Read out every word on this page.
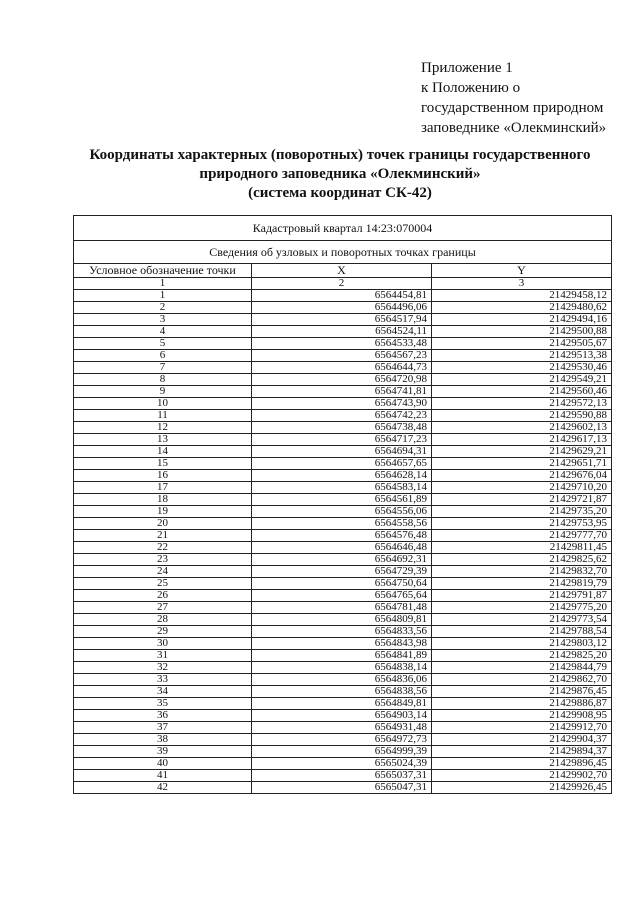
Приложение 1
к Положению о
государственном природном
заповеднике «Олекминский»
Координаты характерных (поворотных) точек границы государственного
природного заповедника «Олекминский»
(система координат СК-42)
Кадастровый квартал 14:23:070004		
Сведения об узловых и поворотных точках границы		
Условное обозначение точки	X	Y
1	2	3
1	6564454,81	21429458,12
2	6564496,06	21429480,62
3	6564517,94	21429494,16
4	6564524,11	21429500,88
5	6564533,48	21429505,67
6	6564567,23	21429513,38
7	6564644,73	21429530,46
8	6564720,98	21429549,21
9	6564741,81	21429560,46
10	6564743,90	21429572,13
11	6564742,23	21429590,88
12	6564738,48	21429602,13
13	6564717,23	21429617,13
14	6564694,31	21429629,21
15	6564657,65	21429651,71
16	6564628,14	21429676,04
17	6564583,14	21429710,20
18	6564561,89	21429721,87
19	6564556,06	21429735,20
20	6564558,56	21429753,95
21	6564576,48	21429777,70
22	6564646,48	21429811,45
23	6564692,31	21429825,62
24	6564729,39	21429832,70
25	6564750,64	21429819,79
26	6564765,64	21429791,87
27	6564781,48	21429775,20
28	6564809,81	21429773,54
29	6564833,56	21429788,54
30	6564843,98	21429803,12
31	6564841,89	21429825,20
32	6564838,14	21429844,79
33	6564836,06	21429862,70
34	6564838,56	21429876,45
35	6564849,81	21429886,87
36	6564903,14	21429908,95
37	6564931,48	21429912,70
38	6564972,73	21429904,37
39	6564999,39	21429894,37
40	6565024,39	21429896,45
41	6565037,31	21429902,70
42	6565047,31	21429926,45
